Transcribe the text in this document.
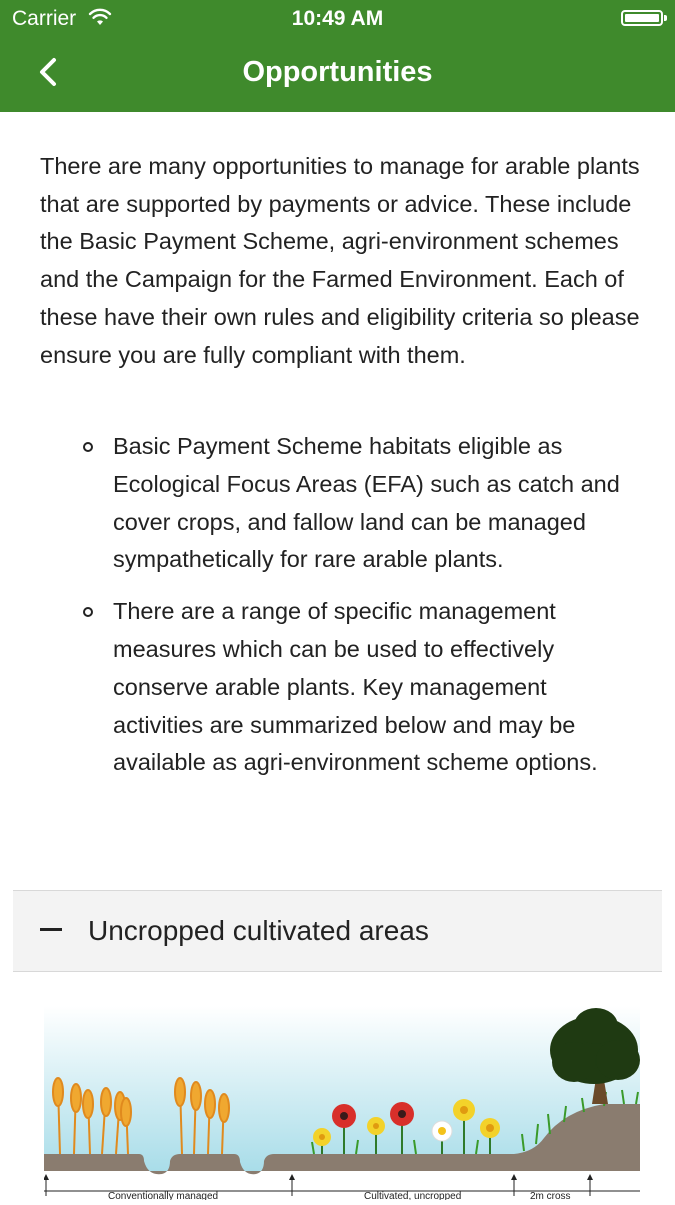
Carrier	10:49 AM
Opportunities

There are many opportunities to manage for arable plants that are supported by payments or advice. These include the Basic Payment Scheme, agri-environment schemes and the Campaign for the Farmed Environment. Each of these have their own rules and eligibility criteria so please ensure you are fully compliant with them.

Basic Payment Scheme habitats eligible as Ecological Focus Areas (EFA) such as catch and cover crops, and fallow land can be managed sympathetically for rare arable plants.
There are a range of specific management measures which can be used to effectively conserve arable plants. Key management activities are summarized below and may be available as agri-environment scheme options.
Uncropped cultivated areas
Conventionally managed	Cultivated, uncropped	2m cross
